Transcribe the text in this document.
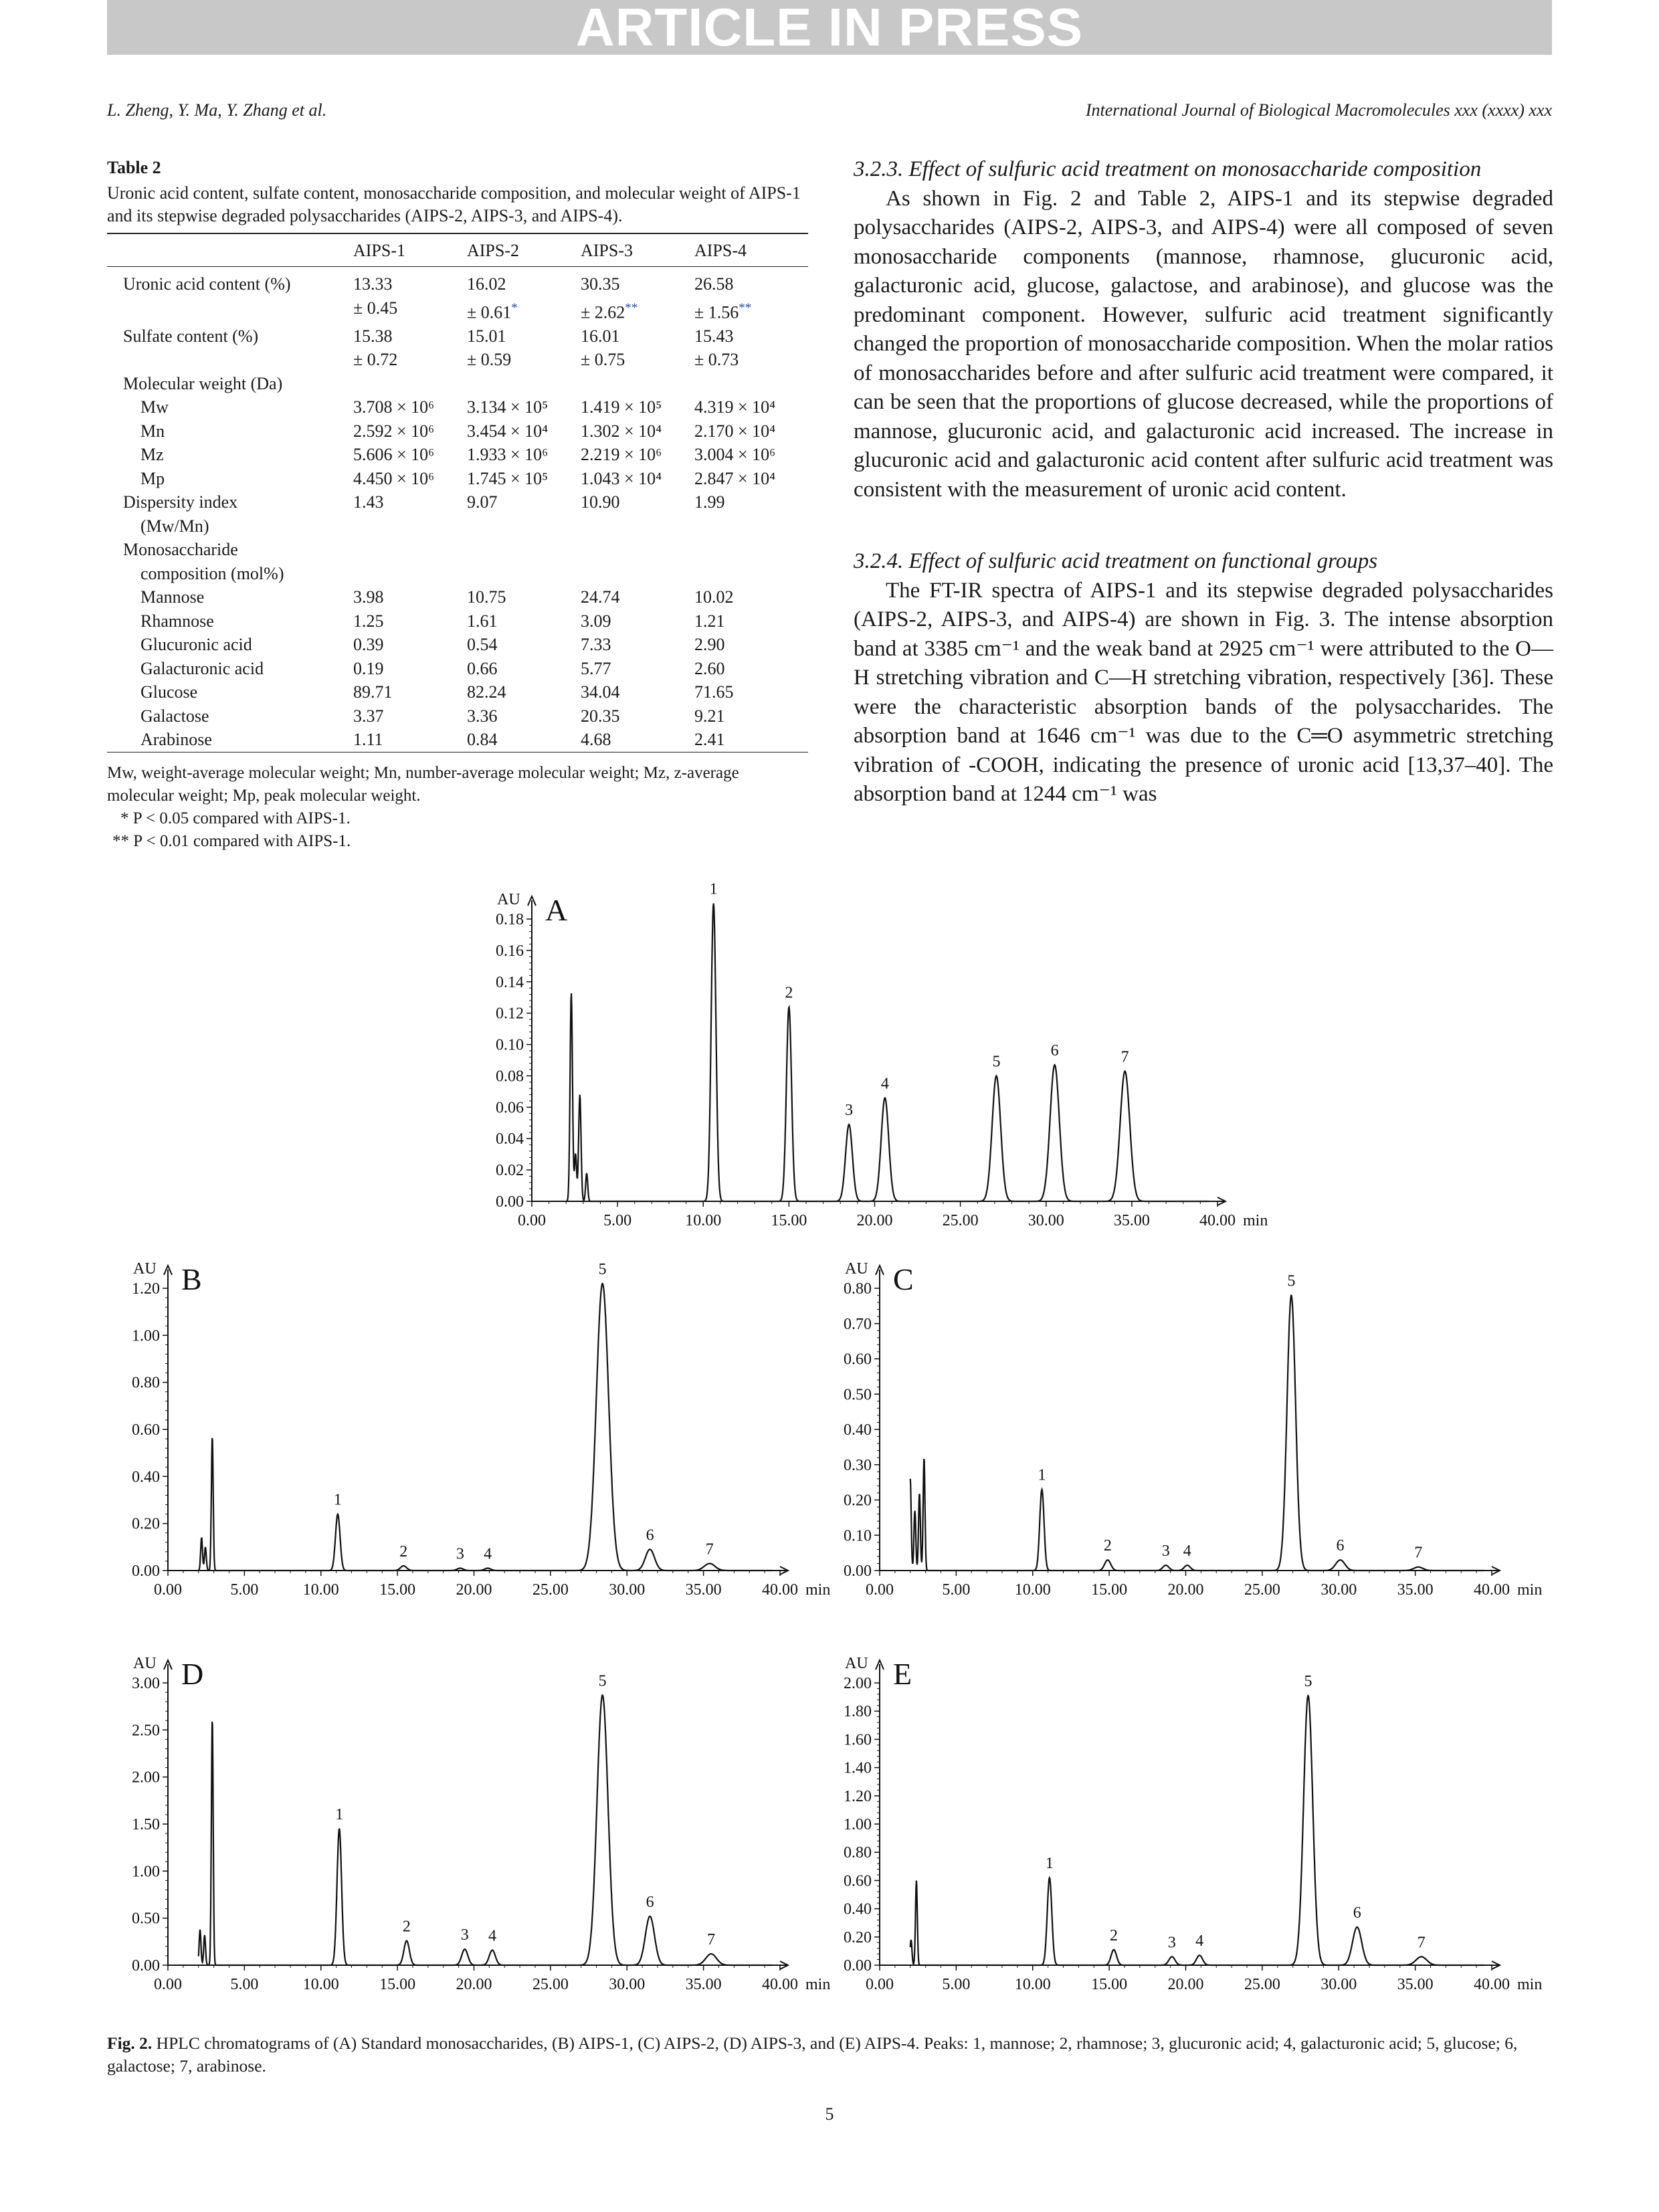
ARTICLE IN PRESS
L. Zheng, Y. Ma, Y. Zhang et al.	International Journal of Biological Macromolecules xxx (xxxx) xxx
Table 2
Uronic acid content, sulfate content, monosaccharide composition, and molecular weight of AIPS-1 and its stepwise degraded polysaccharides (AIPS-2, AIPS-3, and AIPS-4).
	AIPS-1	AIPS-2	AIPS-3	AIPS-4
Uronic acid content (%)	13.33	16.02	30.35	26.58
	± 0.45	± 0.61*	± 2.62**	± 1.56**
Sulfate content (%)	15.38	15.01	16.01	15.43
	± 0.72	± 0.59	± 0.75	± 0.73
Molecular weight (Da)				
Mw	3.708 × 10⁶	3.134 × 10⁵	1.419 × 10⁵	4.319 × 10⁴
Mn	2.592 × 10⁶	3.454 × 10⁴	1.302 × 10⁴	2.170 × 10⁴
Mz	5.606 × 10⁶	1.933 × 10⁶	2.219 × 10⁶	3.004 × 10⁶
Mp	4.450 × 10⁶	1.745 × 10⁵	1.043 × 10⁴	2.847 × 10⁴
Dispersity index	1.43	9.07	10.90	1.99
(Mw/Mn)				
Monosaccharide				
composition (mol%)				
Mannose	3.98	10.75	24.74	10.02
Rhamnose	1.25	1.61	3.09	1.21
Glucuronic acid	0.39	0.54	7.33	2.90
Galacturonic acid	0.19	0.66	5.77	2.60
Glucose	89.71	82.24	34.04	71.65
Galactose	3.37	3.36	20.35	9.21
Arabinose	1.11	0.84	4.68	2.41
Mw, weight-average molecular weight; Mn, number-average molecular weight; Mz, z-average molecular weight; Mp, peak molecular weight.
* P < 0.05 compared with AIPS-1.
** P < 0.01 compared with AIPS-1.

3.2.3. Effect of sulfuric acid treatment on monosaccharide composition

As shown in Fig. 2 and Table 2, AIPS-1 and its stepwise degraded polysaccharides (AIPS-2, AIPS-3, and AIPS-4) were all composed of seven monosaccharide components (mannose, rhamnose, glucuronic acid, galacturonic acid, glucose, galactose, and arabinose), and glucose was the predominant component. However, sulfuric acid treatment significantly changed the proportion of monosaccharide composition. When the molar ratios of monosaccharides before and after sulfuric acid treatment were compared, it can be seen that the proportions of glucose decreased, while the proportions of mannose, glucuronic acid, and galacturonic acid increased. The increase in glucuronic acid and galacturonic acid content after sulfuric acid treatment was consistent with the measurement of uronic acid content.

3.2.4. Effect of sulfuric acid treatment on functional groups

The FT-IR spectra of AIPS-1 and its stepwise degraded polysaccharides (AIPS-2, AIPS-3, and AIPS-4) are shown in Fig. 3. The intense absorption band at 3385 cm⁻¹ and the weak band at 2925 cm⁻¹ were attributed to the O—H stretching vibration and C—H stretching vibration, respectively [36]. These were the characteristic absorption bands of the polysaccharides. The absorption band at 1646 cm⁻¹ was due to the C═O asymmetric stretching vibration of -COOH, indicating the presence of uronic acid [13,37–40]. The absorption band at 1244 cm⁻¹ was

0.00
0.02
0.04
0.06
0.08
0.10
0.12
0.14
0.16
0.18
0.00	5.00	10.00	15.00	20.00	25.00	30.00	35.00	40.00 min
AU A
1
2
3
4
5
6	7
0.00
0.20
0.40
0.60
0.80
1.00
1.20
0.00	5.00	10.00	15.00	20.00	25.00	30.00	35.00	40.00 min
AU B
1
2	3 4
5
6
7
0.00
0.10
0.20
0.30
0.40
0.50
0.60
0.70
0.80
0.00	5.00	10.00	15.00	20.00	25.00	30.00	35.00	40.00 min
AU C
1
2	3 4
5
6	7
0.00
0.50
1.00
1.50
2.00
2.50
3.00
0.00	5.00	10.00	15.00	20.00	25.00	30.00	35.00	40.00 min
AU D
1
2	3 4
5
6
7
0.00
0.20
0.40
0.60
0.80
1.00
1.20
1.40
1.60
1.80
2.00
0.00	5.00	10.00	15.00	20.00	25.00	30.00	35.00	40.00 min
AU E
1
2	3 4
5
6
7
Fig. 2. HPLC chromatograms of (A) Standard monosaccharides, (B) AIPS-1, (C) AIPS-2, (D) AIPS-3, and (E) AIPS-4. Peaks: 1, mannose; 2, rhamnose; 3, glucuronic acid; 4, galacturonic acid; 5, glucose; 6, galactose; 7, arabinose.
5
